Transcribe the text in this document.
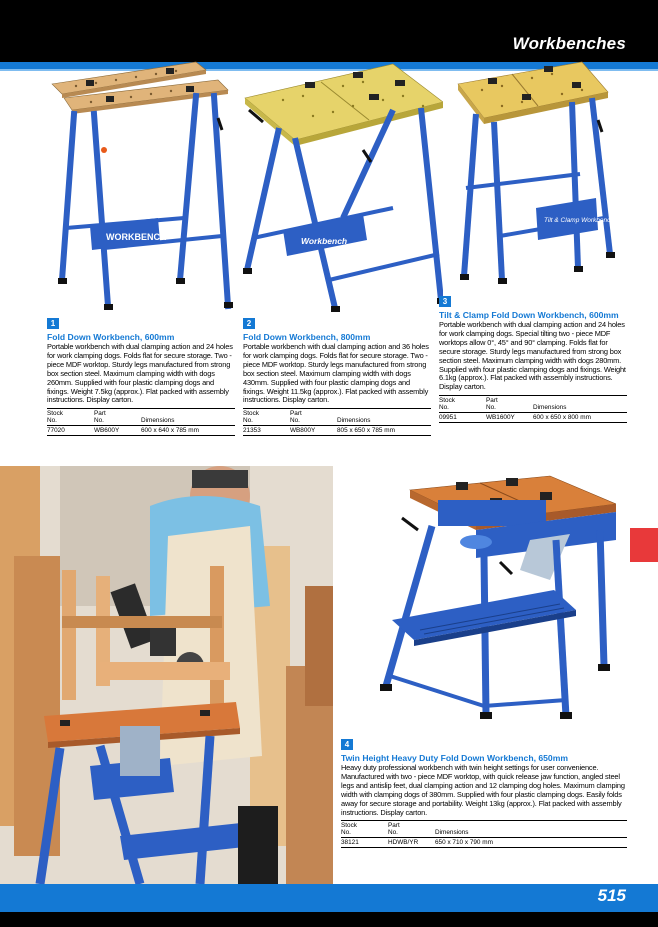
Workbenches
WORKBENCH	Workbench
Tilt & Clamp Workbench
1
Fold Down Workbench, 600mm
Portable workbench with dual clamping action and 24 holes for work clamping dogs. Folds flat for secure storage. Two - piece MDF worktop. Sturdy legs manufactured from strong box section steel. Maximum clamping width with dogs 260mm. Supplied with four plastic clamping dogs and fixings. Weight 7.5kg (approx.). Flat packed with assembly instructions. Display carton.
Stock
No.	Part
No.	Dimensions
77020	WB600Y	600 x 640 x 785 mm
2
Fold Down Workbench, 800mm
Portable workbench with dual clamping action and 36 holes for work clamping dogs. Folds flat for secure storage. Two - piece MDF worktop. Sturdy legs manufactured from strong box section steel. Maximum clamping width with dogs 430mm. Supplied with four plastic clamping dogs and fixings. Weight 11.5kg (approx.). Flat packed with assembly instructions. Display carton.
Stock
No.	Part
No.	Dimensions
21353	WB800Y	805 x 650 x 785 mm
3
Tilt & Clamp Fold Down Workbench, 600mm
Portable workbench with dual clamping action and 24 holes for work clamping dogs. Special tilting two - piece MDF worktops allow 0°, 45° and 90° clamping. Folds flat for secure storage. Sturdy legs manufactured from strong box section steel. Maximum clamping width with dogs 280mm. Supplied with four plastic clamping dogs and fixings. Weight 6.1kg (approx.). Flat packed with assembly instructions. Display carton.
Stock
No.	Part
No.	Dimensions
09951	WB1600Y	600 x 650 x 800 mm
4
Twin Height Heavy Duty Fold Down Workbench, 650mm
Heavy duty professional workbench with twin height settings for user convenience. Manufactured with two - piece MDF worktop, with quick release jaw function, angled steel legs and antislip feet, dual clamping action and 12 clamping dog holes. Maximum clamping width with clamping dogs of 380mm. Supplied with four plastic clamping dogs. Easily folds away for secure storage and portability. Weight 13kg (approx.). Flat packed with assembly instructions. Display carton.
Stock
No.	Part
No.	Dimensions
38121	HDWB/YR	650 x 710 x 790 mm
515
